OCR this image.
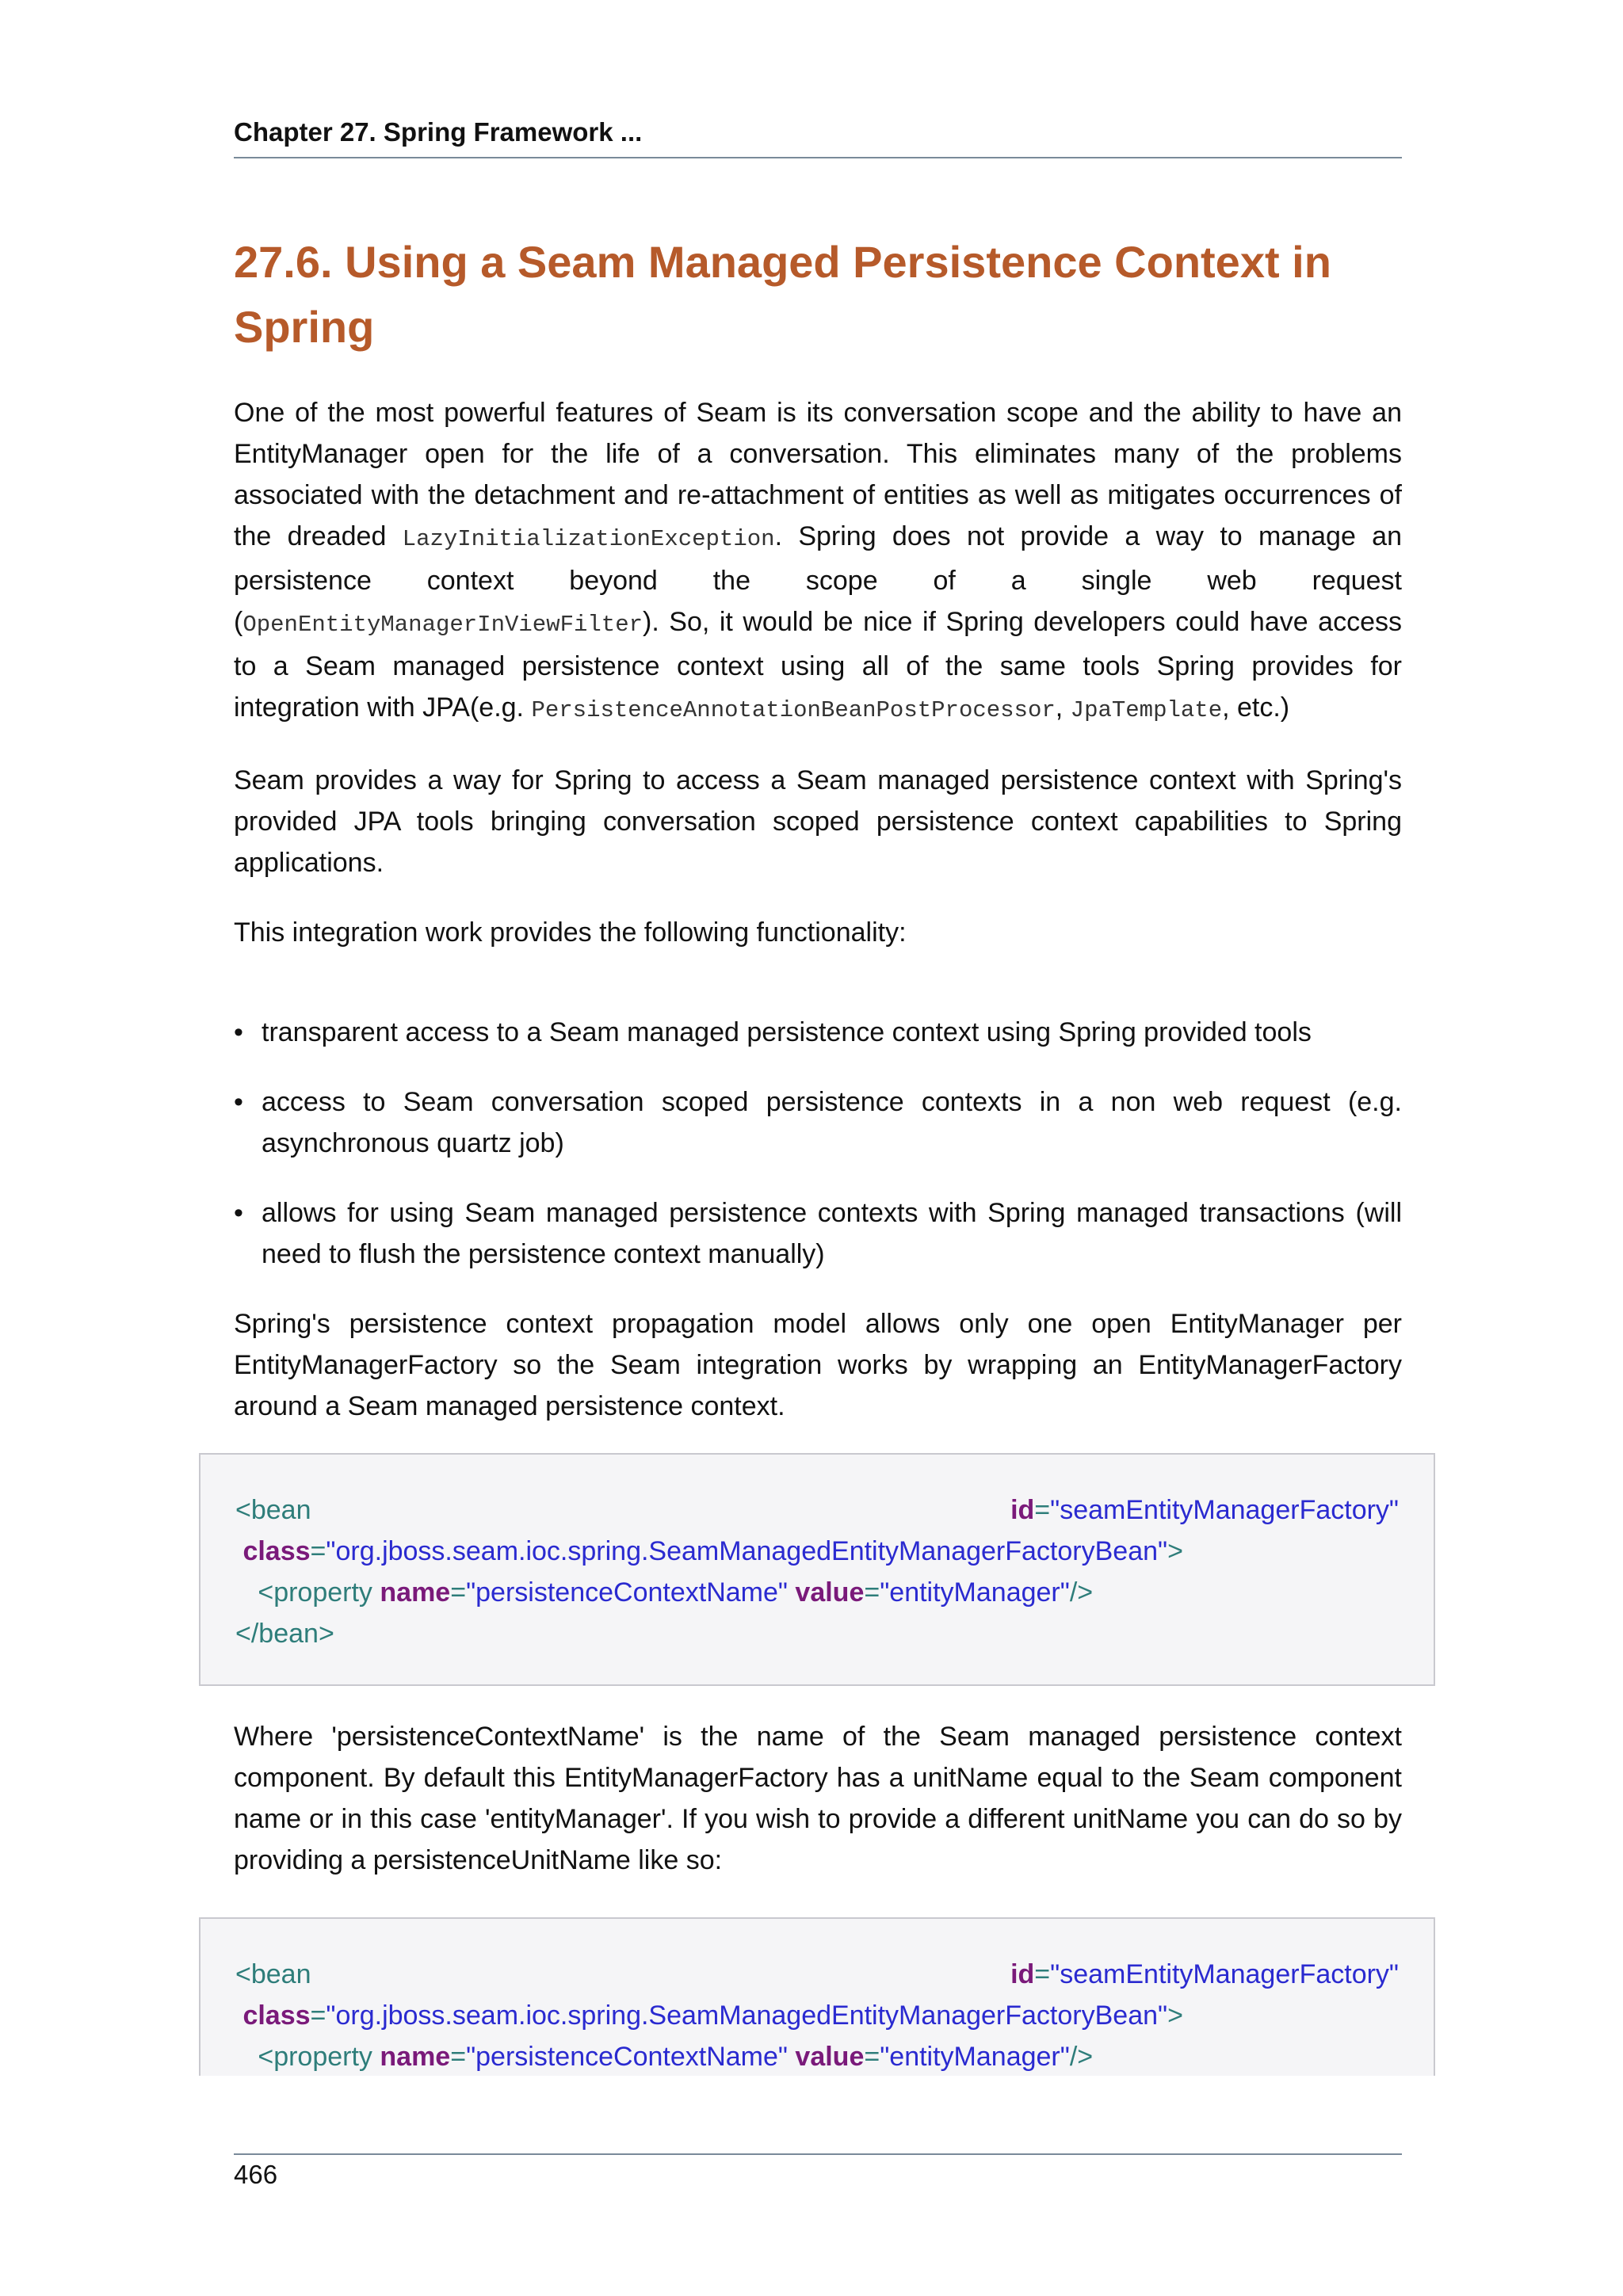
Chapter 27. Spring Framework ...
27.6. Using a Seam Managed Persistence Context in Spring

One of the most powerful features of Seam is its conversation scope and the ability to have an EntityManager open for the life of a conversation. This eliminates many of the problems associated with the detachment and re-attachment of entities as well as mitigates occurrences of the dreaded LazyInitializationException. Spring does not provide a way to manage an persistence context beyond the scope of a single web request (OpenEntityManagerInViewFilter). So, it would be nice if Spring developers could have access to a Seam managed persistence context using all of the same tools Spring provides for integration with JPA(e.g. PersistenceAnnotationBeanPostProcessor, JpaTemplate, etc.)

Seam provides a way for Spring to access a Seam managed persistence context with Spring's provided JPA tools bringing conversation scoped persistence context capabilities to Spring applications.

This integration work provides the following functionality:

• transparent access to a Seam managed persistence context using Spring provided tools
• access to Seam conversation scoped persistence contexts in a non web request (e.g. asynchronous quartz job)
• allows for using Seam managed persistence contexts with Spring managed transactions (will need to flush the persistence context manually)

Spring's persistence context propagation model allows only one open EntityManager per EntityManagerFactory so the Seam integration works by wrapping an EntityManagerFactory around a Seam managed persistence context.

<bean	id="seamEntityManagerFactory"
class="org.jboss.seam.ioc.spring.SeamManagedEntityManagerFactoryBean">
<property name="persistenceContextName" value="entityManager"/>
</bean>

Where 'persistenceContextName' is the name of the Seam managed persistence context component. By default this EntityManagerFactory has a unitName equal to the Seam component name or in this case 'entityManager'. If you wish to provide a different unitName you can do so by providing a persistenceUnitName like so:

<bean	id="seamEntityManagerFactory"
class="org.jboss.seam.ioc.spring.SeamManagedEntityManagerFactoryBean">
<property name="persistenceContextName" value="entityManager"/>
466
